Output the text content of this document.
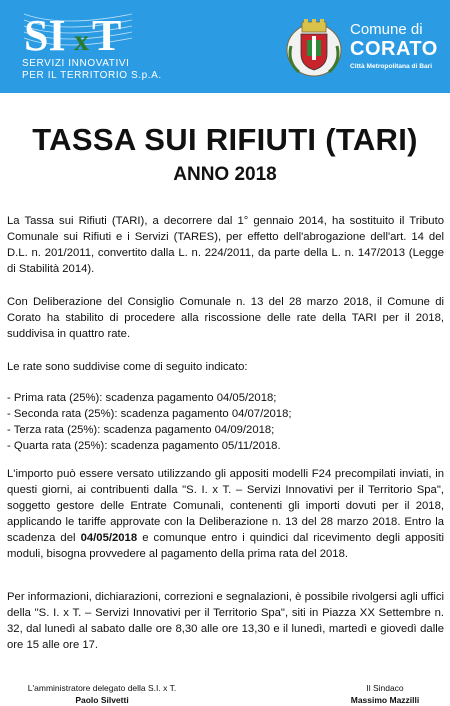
SI x T
SERVIZI INNOVATIVI
PER IL TERRITORIO S.p.A.
Comune di
CORATO
Città Metropolitana di Bari
TASSA SUI RIFIUTI (TARI)
ANNO 2018
La Tassa sui Rifiuti (TARI), a decorrere dal 1° gennaio 2014, ha sostituito il Tributo Comunale sui Rifiuti e i Servizi (TARES), per effetto dell'abrogazione dell'art. 14 del D.L. n. 201/2011, convertito dalla L. n. 224/2011, da parte della L. n. 147/2013 (Legge di Stabilità 2014).
Con Deliberazione del Consiglio Comunale n. 13 del 28 marzo 2018, il Comune di Corato ha stabilito di procedere alla riscossione delle rate della TARI per il 2018, suddivisa in quattro rate.
Le rate sono suddivise come di seguito indicato:
- Prima rata (25%): scadenza pagamento 04/05/2018;
- Seconda rata (25%): scadenza pagamento 04/07/2018;
- Terza rata (25%): scadenza pagamento 04/09/2018;
- Quarta rata (25%): scadenza pagamento 05/11/2018.
L'importo può essere versato utilizzando gli appositi modelli F24 precompilati inviati, in questi giorni, ai contribuenti dalla "S. I. x T. – Servizi Innovativi per il Territorio Spa", soggetto gestore delle Entrate Comunali, contenenti gli importi dovuti per il 2018, applicando le tariffe approvate con la Deliberazione n. 13 del 28 marzo 2018. Entro la scadenza del 04/05/2018 e comunque entro i quindici dal ricevimento degli appositi moduli, bisogna provvedere al pagamento della prima rata del 2018.
Per informazioni, dichiarazioni, correzioni e segnalazioni, è possibile rivolgersi agli uffici della "S. I. x T. – Servizi Innovativi per il Territorio Spa", siti in Piazza XX Settembre n. 32, dal lunedì al sabato dalle ore 8,30 alle ore 13,30 e il lunedì, martedì e giovedì dalle ore 15 alle ore 17.
L'amministratore delegato della S.I. x T.
Paolo Silvetti
Il Sindaco
Massimo Mazzilli
